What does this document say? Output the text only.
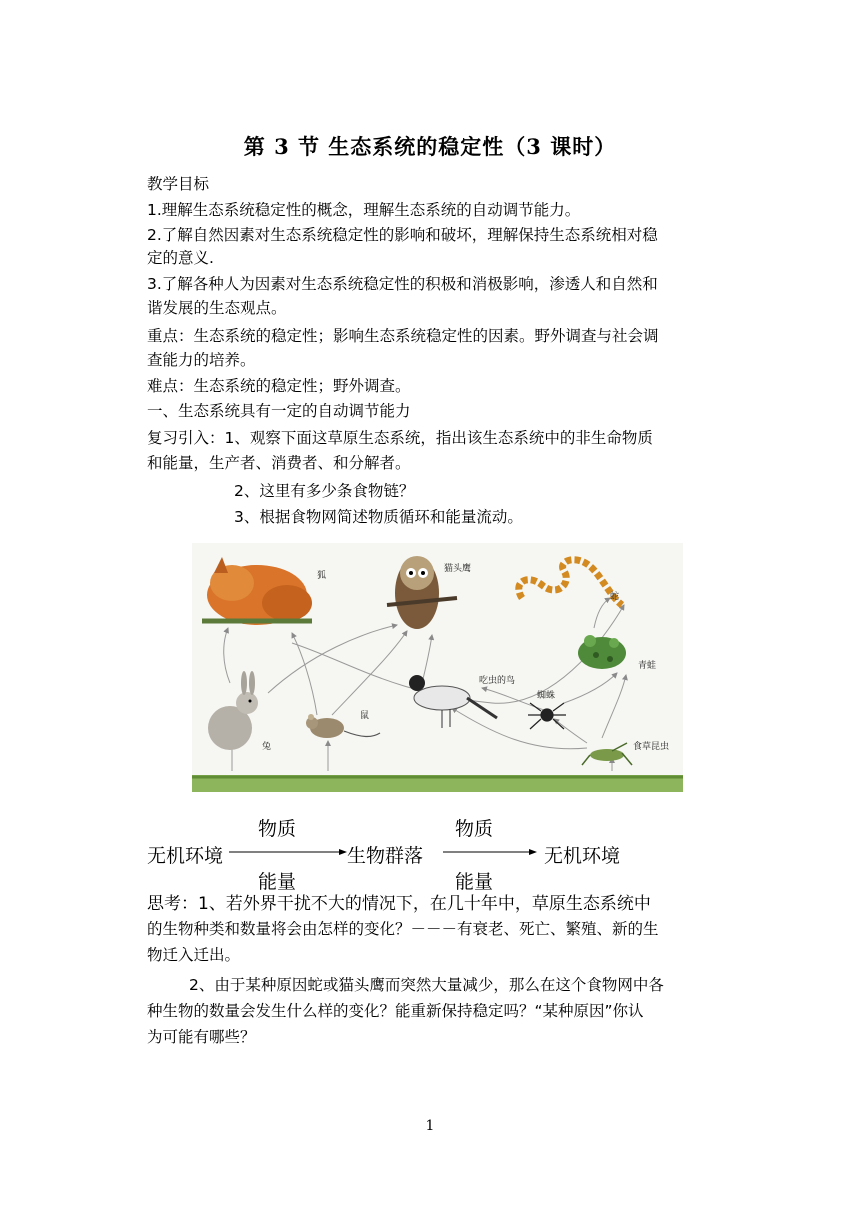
第 3 节 生态系统的稳定性（3 课时）
教学目标
1.理解生态系统稳定性的概念，理解生态系统的自动调节能力。
2.了解自然因素对生态系统稳定性的影响和破坏，理解保持生态系统相对稳
定的意义.
3.了解各种人为因素对生态系统稳定性的积极和消极影响，渗透人和自然和
谐发展的生态观点。
重点：生态系统的稳定性；影响生态系统稳定性的因素。野外调查与社会调
查能力的培养。
难点：生态系统的稳定性；野外调查。
一、生态系统具有一定的自动调节能力
复习引入：1、观察下面这草原生态系统，指出该生态系统中的非生命物质
和能量，生产者、消费者、和分解者。
2、这里有多少条食物链？
3、根据食物网简述物质循环和能量流动。
狐
猫头鹰
蛇
青蛙
吃虫的鸟
蜘蛛
兔
鼠
食草昆虫
物质	物质
无机环境	生物群落	无机环境
能量	能量
思考：1、若外界干扰不大的情况下，在几十年中，草原生态系统中
的生物种类和数量将会由怎样的变化？－－－有衰老、死亡、繁殖、新的生
物迁入迁出。
2、由于某种原因蛇或猫头鹰而突然大量减少，那么在这个食物网中各
种生物的数量会发生什么样的变化？能重新保持稳定吗？“某种原因”你认
为可能有哪些？
1
